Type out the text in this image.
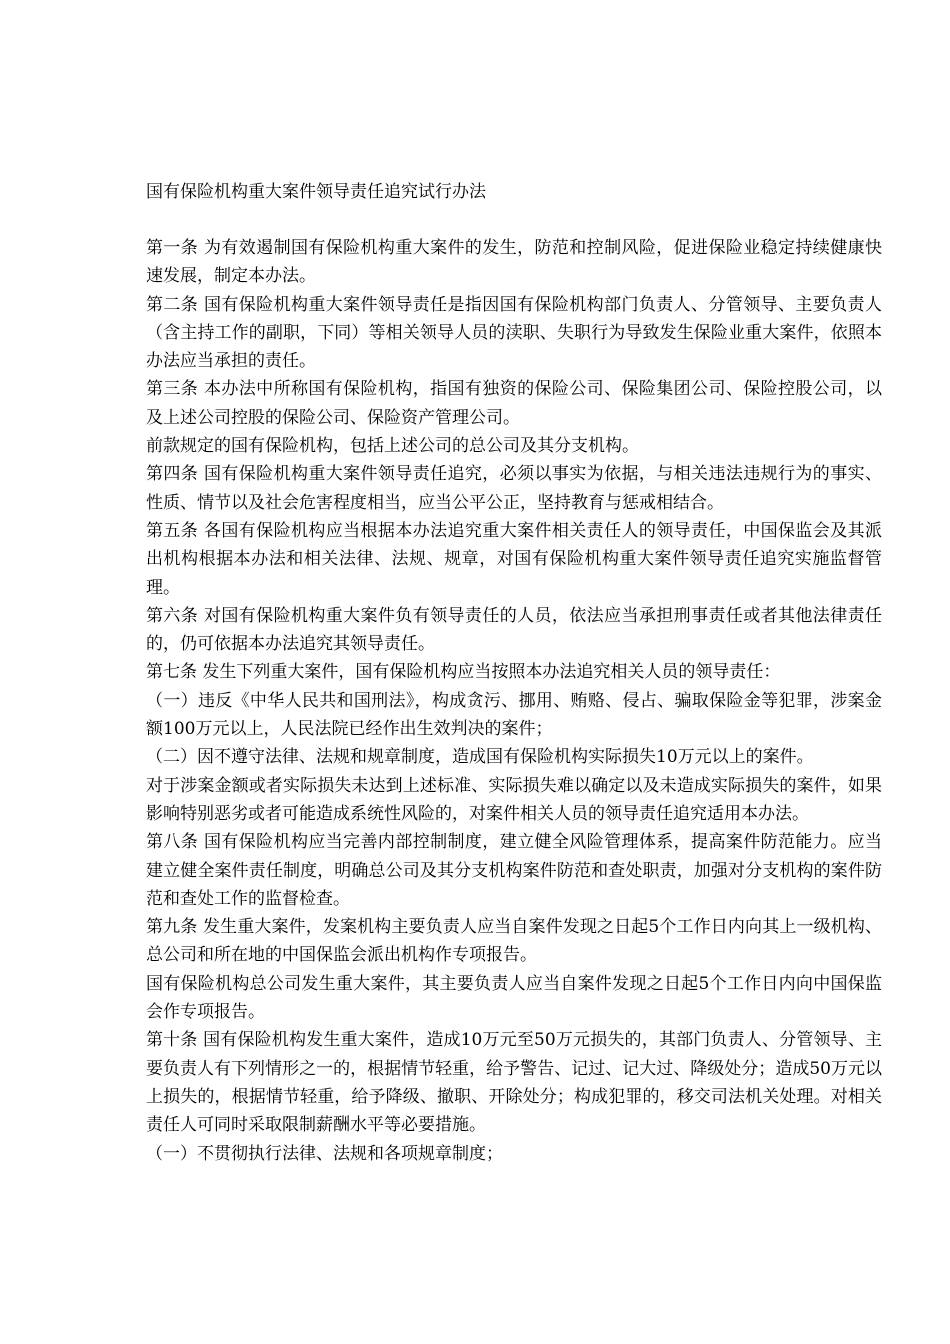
国有保险机构重大案件领导责任追究试行办法

第一条 为有效遏制国有保险机构重大案件的发生，防范和控制风险，促进保险业稳定持续健康快速发展，制定本办法。

第二条 国有保险机构重大案件领导责任是指因国有保险机构部门负责人、分管领导、主要负责人（含主持工作的副职，下同）等相关领导人员的渎职、失职行为导致发生保险业重大案件，依照本办法应当承担的责任。

第三条 本办法中所称国有保险机构，指国有独资的保险公司、保险集团公司、保险控股公司，以及上述公司控股的保险公司、保险资产管理公司。

前款规定的国有保险机构，包括上述公司的总公司及其分支机构。

第四条 国有保险机构重大案件领导责任追究，必须以事实为依据，与相关违法违规行为的事实、性质、情节以及社会危害程度相当，应当公平公正，坚持教育与惩戒相结合。

第五条 各国有保险机构应当根据本办法追究重大案件相关责任人的领导责任，中国保监会及其派出机构根据本办法和相关法律、法规、规章，对国有保险机构重大案件领导责任追究实施监督管理。

第六条 对国有保险机构重大案件负有领导责任的人员，依法应当承担刑事责任或者其他法律责任的，仍可依据本办法追究其领导责任。

第七条 发生下列重大案件，国有保险机构应当按照本办法追究相关人员的领导责任：

（一）违反《中华人民共和国刑法》，构成贪污、挪用、贿赂、侵占、骗取保险金等犯罪，涉案金额100万元以上，人民法院已经作出生效判决的案件；

（二）因不遵守法律、法规和规章制度，造成国有保险机构实际损失10万元以上的案件。

对于涉案金额或者实际损失未达到上述标准、实际损失难以确定以及未造成实际损失的案件，如果影响特别恶劣或者可能造成系统性风险的，对案件相关人员的领导责任追究适用本办法。

第八条 国有保险机构应当完善内部控制制度，建立健全风险管理体系，提高案件防范能力。应当建立健全案件责任制度，明确总公司及其分支机构案件防范和查处职责，加强对分支机构的案件防范和查处工作的监督检查。

第九条 发生重大案件，发案机构主要负责人应当自案件发现之日起5个工作日内向其上一级机构、总公司和所在地的中国保监会派出机构作专项报告。

国有保险机构总公司发生重大案件，其主要负责人应当自案件发现之日起5个工作日内向中国保监会作专项报告。

第十条 国有保险机构发生重大案件，造成10万元至50万元损失的，其部门负责人、分管领导、主要负责人有下列情形之一的，根据情节轻重，给予警告、记过、记大过、降级处分；造成50万元以上损失的，根据情节轻重，给予降级、撤职、开除处分；构成犯罪的，移交司法机关处理。对相关责任人可同时采取限制薪酬水平等必要措施。

（一）不贯彻执行法律、法规和各项规章制度；
